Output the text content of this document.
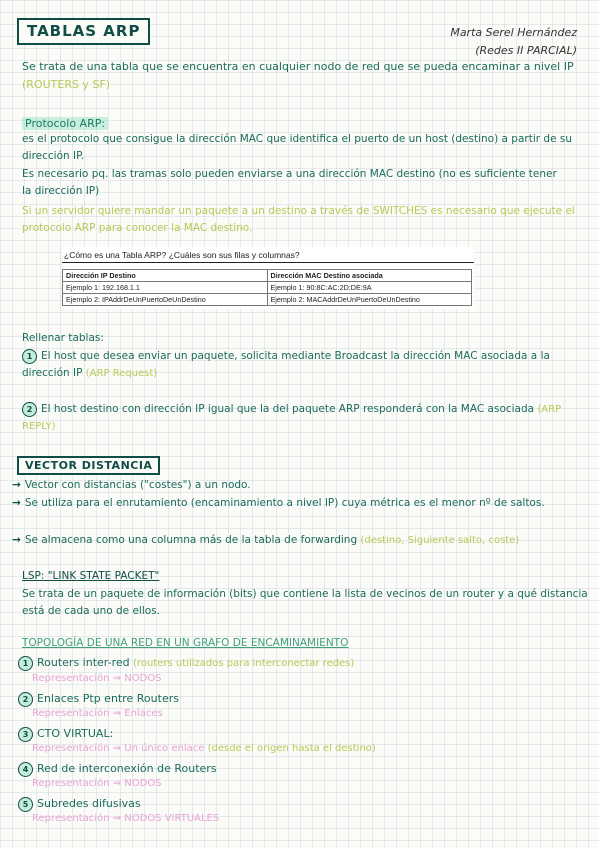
TABLAS ARP	Marta Serel Hernández
(Redes II PARCIAL)
Se trata de una tabla que se encuentra en cualquier nodo de red que se pueda encaminar a nivel IP (ROUTERS y SF)
Protocolo ARP:
es el protocolo que consigue la dirección MAC que identifica el puerto de un host (destino) a partir de su dirección IP.
Es necesario pq. las tramas solo pueden enviarse a una dirección MAC destino (no es suficiente tener la dirección IP)
Si un servidor quiere mandar un paquete a un destino a través de SWITCHES es necesario que ejecute el protocolo ARP para conocer la MAC destino.
¿Cómo es una Tabla ARP? ¿Cuáles son sus filas y columnas?
Dirección IP Destino	Dirección MAC Destino asociada
Ejemplo 1: 192.168.1.1	Ejemplo 1: 90:8C:AC:2D:DE:9A
Ejemplo 2: IPAddrDeUnPuertoDeUnDestino	Ejemplo 2: MACAddrDeUnPuertoDeUnDestino
Rellenar tablas:
1 El host que desea enviar un paquete, solicita mediante Broadcast la dirección MAC asociada a la dirección IP (ARP Request)
2 El host destino con dirección IP igual que la del paquete ARP responderá con la MAC asociada (ARP REPLY)
VECTOR DISTANCIA
→ Vector con distancias ("costes") a un nodo.
→ Se utiliza para el enrutamiento (encaminamiento a nivel IP) cuya métrica es el menor nº de saltos.
→ Se almacena como una columna más de la tabla de forwarding (destino, Siguiente salto, coste)
LSP: "LINK STATE PACKET"
Se trata de un paquete de información (bits) que contiene la lista de vecinos de un router y a qué distancia está de cada uno de ellos.
TOPOLOGÍA DE UNA RED EN UN GRAFO DE ENCAMINAMIENTO
1 Routers inter-red (routers utilizados para interconectar redes)
Representación ⇒ NODOS
2 Enlaces Ptp entre Routers
Representación ⇒ Enlaces
3 CTO VIRTUAL:
Representación ⇒ Un único enlace (desde el origen hasta el destino)
4 Red de interconexión de Routers
Representación ⇒ NODOS
5 Subredes difusivas
Representación ⇒ NODOS VIRTUALES
